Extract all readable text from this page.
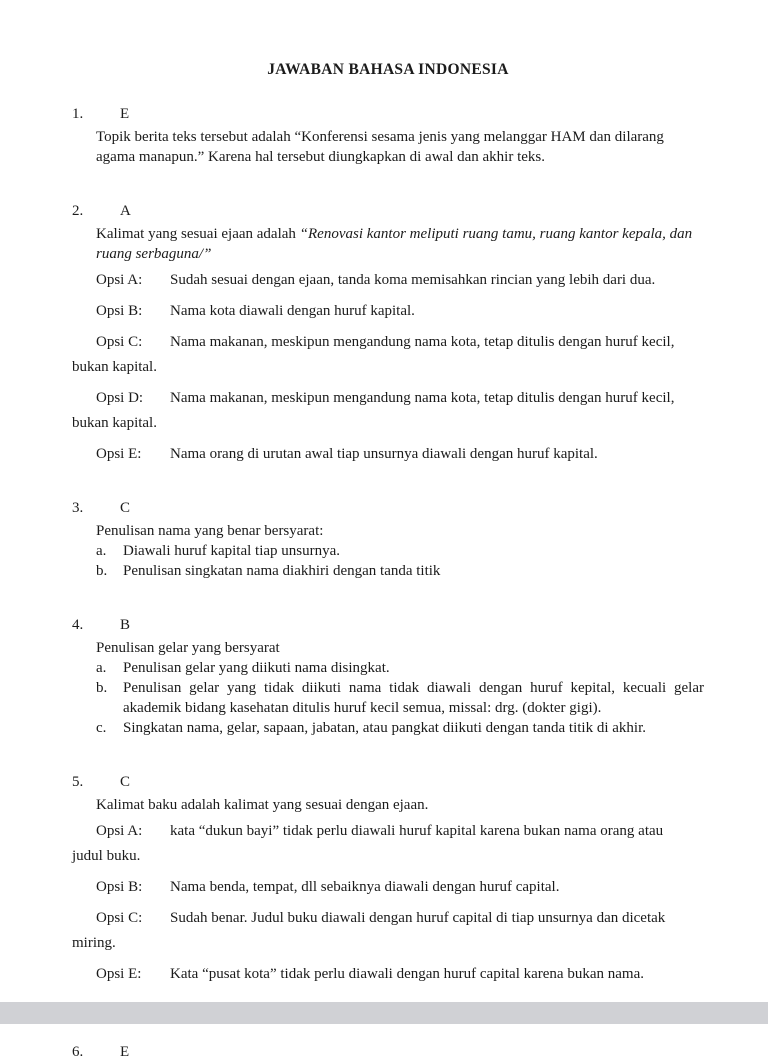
JAWABAN BAHASA INDONESIA
1.	E

Topik berita teks tersebut adalah “Konferensi sesama jenis yang melanggar HAM dan dilarang agama manapun.” Karena hal tersebut diungkapkan di awal dan akhir teks.

2.	A

Kalimat yang sesuai ejaan adalah “Renovasi kantor meliputi ruang tamu, ruang kantor kepala, dan ruang serbaguna/”

Opsi A:	Sudah sesuai dengan ejaan, tanda koma memisahkan rincian yang lebih dari dua.
Opsi B:	Nama kota diawali dengan huruf kapital.
Opsi C:	Nama makanan, meskipun mengandung nama kota, tetap ditulis dengan huruf kecil,
bukan kapital.
Opsi D:	Nama makanan, meskipun mengandung nama kota, tetap ditulis dengan huruf kecil,
bukan kapital.
Opsi E:	Nama orang di urutan awal tiap unsurnya diawali dengan huruf kapital.
3.	C

Penulisan nama yang benar bersyarat:

a.	Diawali huruf kapital tiap unsurnya.
b.	Penulisan singkatan nama diakhiri dengan tanda titik
4.	B

Penulisan gelar yang bersyarat

a.	Penulisan gelar yang diikuti nama disingkat.
b.	Penulisan gelar yang tidak diikuti nama tidak diawali dengan huruf kepital, kecuali gelar akademik bidang kasehatan ditulis huruf kecil semua, missal: drg. (dokter gigi).
c.	Singkatan nama, gelar, sapaan, jabatan, atau pangkat diikuti dengan tanda titik di akhir.
5.	C

Kalimat baku adalah kalimat yang sesuai dengan ejaan.

Opsi A:	kata “dukun bayi” tidak perlu diawali huruf kapital karena bukan nama orang atau
judul buku.
Opsi B:	Nama benda, tempat, dll sebaiknya diawali dengan huruf capital.
Opsi C:	Sudah benar. Judul buku diawali dengan huruf capital di tiap unsurnya dan dicetak
miring.
Opsi E:	Kata “pusat kota” tidak perlu diawali dengan huruf capital karena bukan nama.
6.	E
